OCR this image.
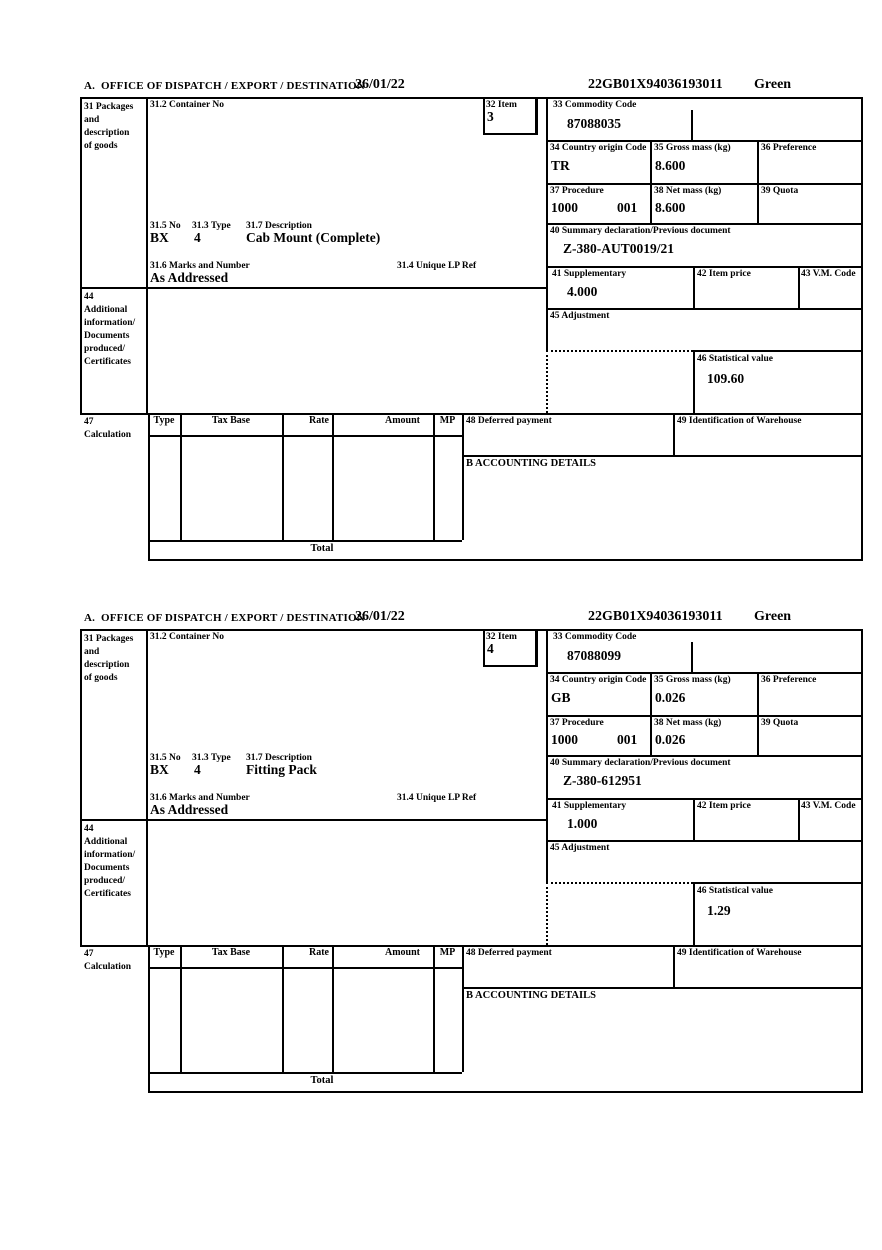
A.  OFFICE OF DISPATCH / EXPORT / DESTINATION
26/01/22	22GB01X94036193011 Green
31 Packages
and
description
of goods
31.2 Container No	32 Item
3
33 Commodity Code
87088035
34 Country origin Code
TR
35 Gross mass (kg)
8.600
36 Preference
37 Procedure
1000	001
38 Net mass (kg)
8.600
39 Quota
40 Summary declaration/Previous document
Z-380-AUT0019/21
41 Supplementary
4.000
42 Item price	43 V.M. Code
45 Adjustment
46 Statistical value
109.60
31.5 No 31.3 Type 31.7 Description
BX 4	Cab Mount (Complete)
31.6 Marks and Number	31.4 Unique LP Ref
As Addressed
44
Additional
information/
Documents
produced/
Certificates
47
Calculation
Type	Tax Base	Rate	Amount	MP	48 Deferred payment	49 Identification of Warehouse
B ACCOUNTING DETAILS
Total
A.  OFFICE OF DISPATCH / EXPORT / DESTINATION
26/01/22	22GB01X94036193011 Green
31 Packages
and
description
of goods
31.2 Container No	32 Item
4
33 Commodity Code
87088099
34 Country origin Code
GB
35 Gross mass (kg)
0.026
36 Preference
37 Procedure
1000	001
38 Net mass (kg)
0.026
39 Quota
40 Summary declaration/Previous document
Z-380-612951
41 Supplementary
1.000
42 Item price	43 V.M. Code
45 Adjustment
46 Statistical value
1.29
31.5 No 31.3 Type 31.7 Description
BX 4	Fitting Pack
31.6 Marks and Number	31.4 Unique LP Ref
As Addressed
44
Additional
information/
Documents
produced/
Certificates
47
Calculation
Type	Tax Base	Rate	Amount	MP	48 Deferred payment	49 Identification of Warehouse
B ACCOUNTING DETAILS
Total
